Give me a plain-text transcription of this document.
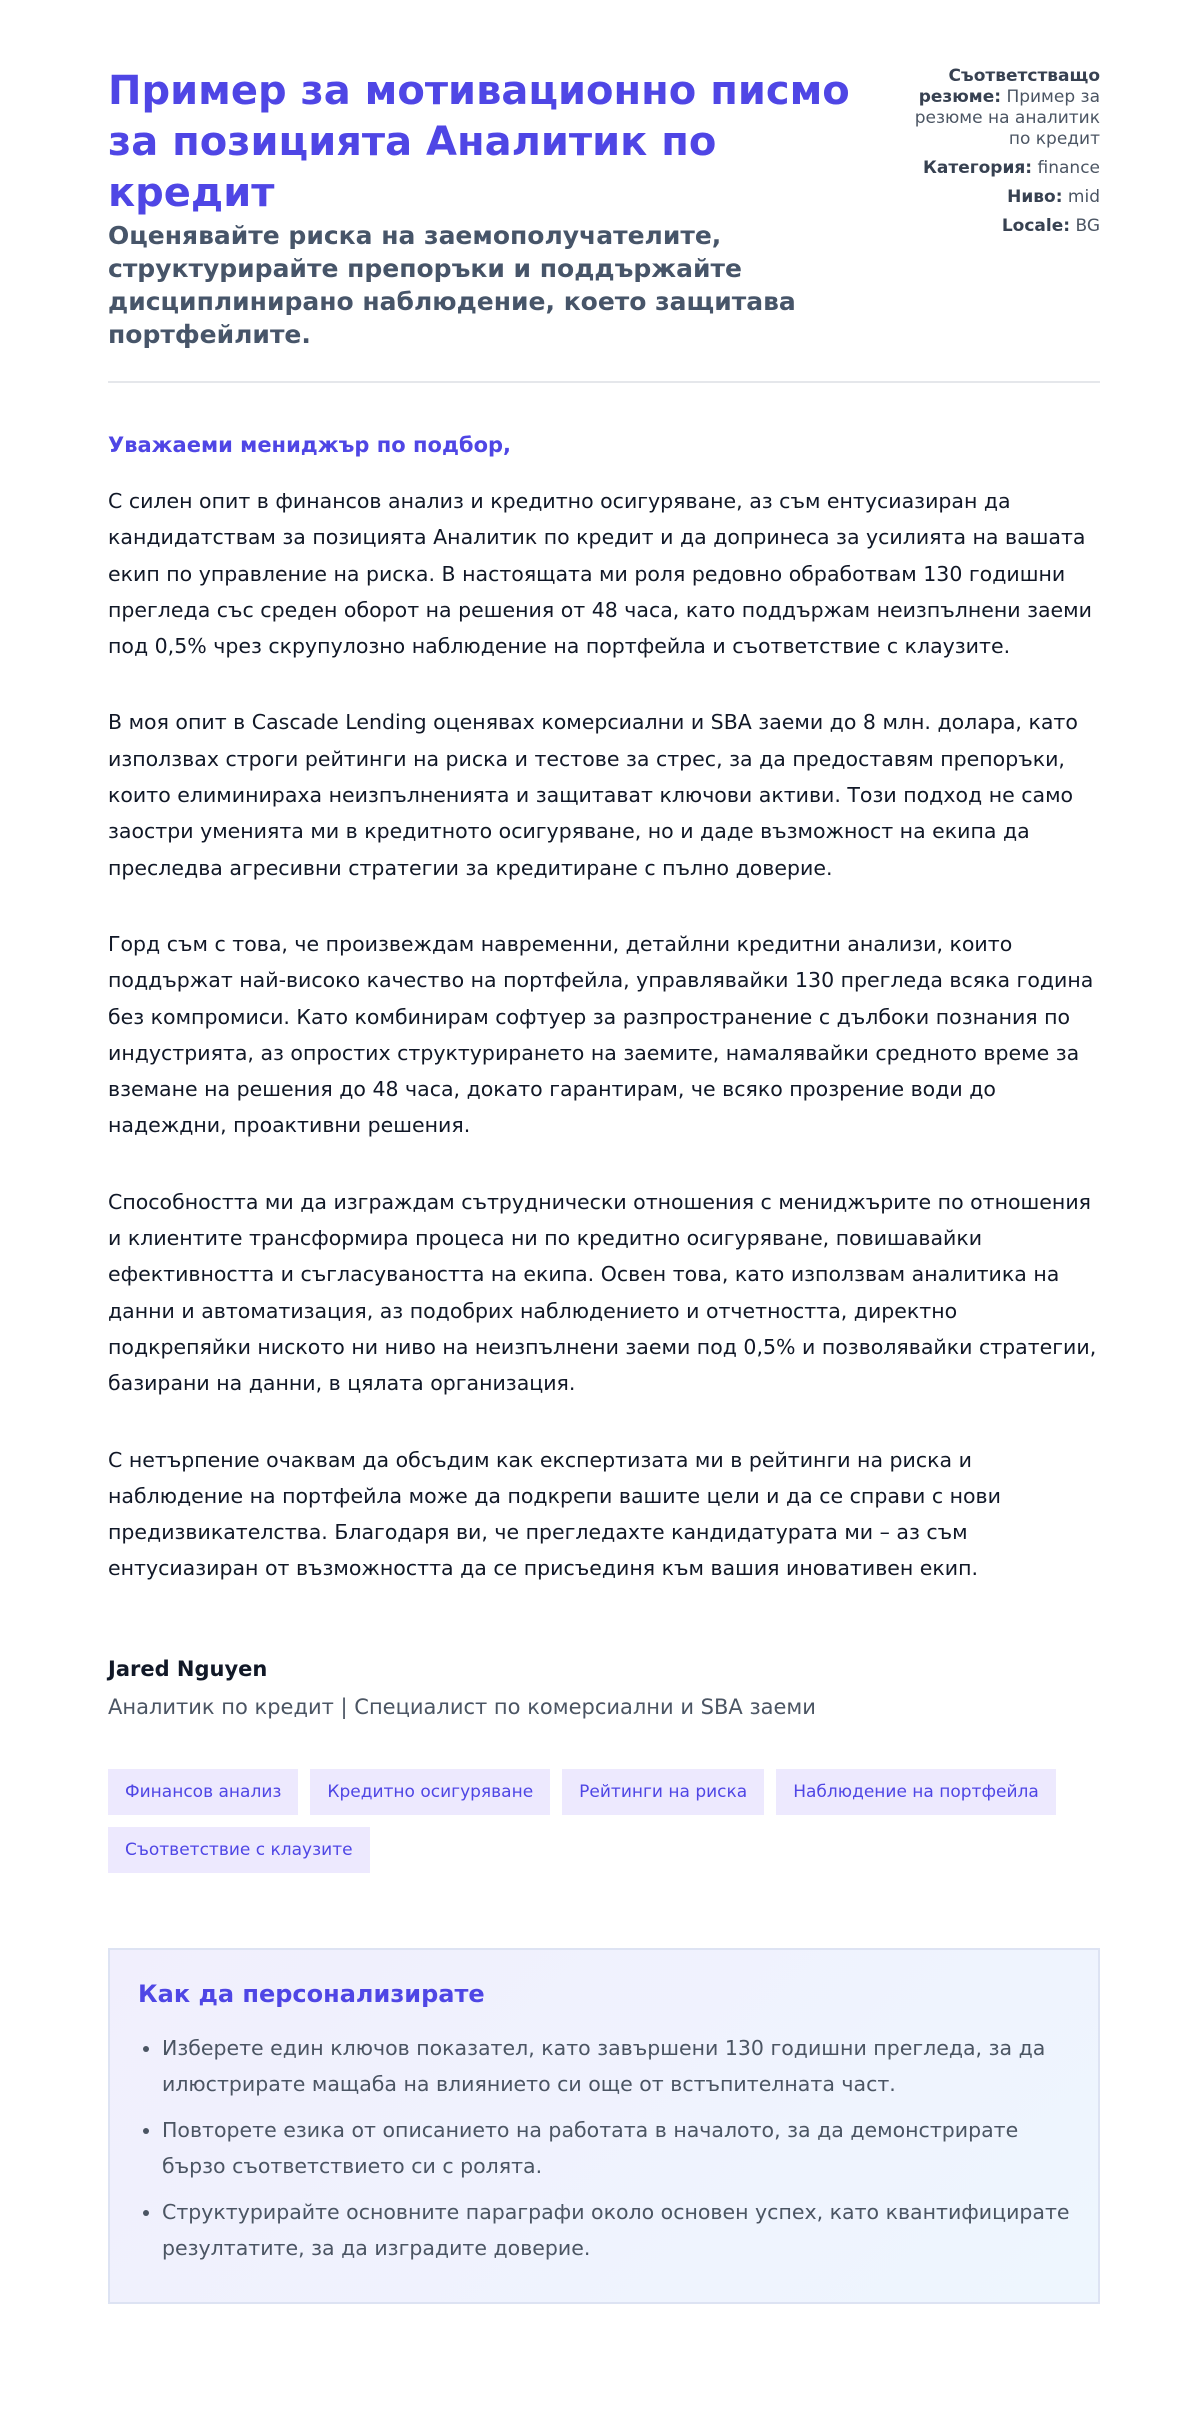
Пример за мотивационно писмо за позицията Аналитик по кредит

Оценявайте риска на заемополучателите, структурирайте препоръки и поддържайте дисциплинирано наблюдение, което защитава портфейлите.

Съответстващо резюме: Пример за резюме на аналитик по кредит
Категория: finance
Ниво: mid
Locale: BG
Уважаеми мениджър по подбор,

С силен опит в финансов анализ и кредитно осигуряване, аз съм ентусиазиран да кандидатствам за позицията Аналитик по кредит и да допринеса за усилията на вашата екип по управление на риска. В настоящата ми роля редовно обработвам 130 годишни прегледа със среден оборот на решения от 48 часа, като поддържам неизпълнени заеми под 0,5% чрез скрупулозно наблюдение на портфейла и съответствие с клаузите.

В моя опит в Cascade Lending оценявах комерсиални и SBA заеми до 8 млн. долара, като използвах строги рейтинги на риска и тестове за стрес, за да предоставям препоръки, които елиминираха неизпълненията и защитават ключови активи. Този подход не само заостри уменията ми в кредитното осигуряване, но и даде възможност на екипа да преследва агресивни стратегии за кредитиране с пълно доверие.

Горд съм с това, че произвеждам навременни, детайлни кредитни анализи, които поддържат най-високо качество на портфейла, управлявайки 130 прегледа всяка година без компромиси. Като комбинирам софтуер за разпространение с дълбоки познания по индустрията, аз опростих структурирането на заемите, намалявайки средното време за вземане на решения до 48 часа, докато гарантирам, че всяко прозрение води до надеждни, проактивни решения.

Способността ми да изграждам сътруднически отношения с мениджърите по отношения и клиентите трансформира процеса ни по кредитно осигуряване, повишавайки ефективността и съгласуваността на екипа. Освен това, като използвам аналитика на данни и автоматизация, аз подобрих наблюдението и отчетността, директно подкрепяйки ниското ни ниво на неизпълнени заеми под 0,5% и позволявайки стратегии, базирани на данни, в цялата организация.

С нетърпение очаквам да обсъдим как експертизата ми в рейтинги на риска и наблюдение на портфейла може да подкрепи вашите цели и да се справи с нови предизвикателства. Благодаря ви, че прегледахте кандидатурата ми – аз съм ентусиазиран от възможността да се присъединя към вашия иновативен екип.

Jared Nguyen
Аналитик по кредит | Специалист по комерсиални и SBA заеми
Финансов анализ	Кредитно осигуряване	Рейтинги на риска	Наблюдение на портфейла
Съответствие с клаузите
Как да персонализирате
• Изберете един ключов показател, като завършени 130 годишни прегледа, за да илюстрирате мащаба на влиянието си още от встъпителната част.
• Повторете езика от описанието на работата в началото, за да демонстрирате бързо съответствието си с ролята.
• Структурирайте основните параграфи около основен успех, като квантифицирате резултатите, за да изградите доверие.
